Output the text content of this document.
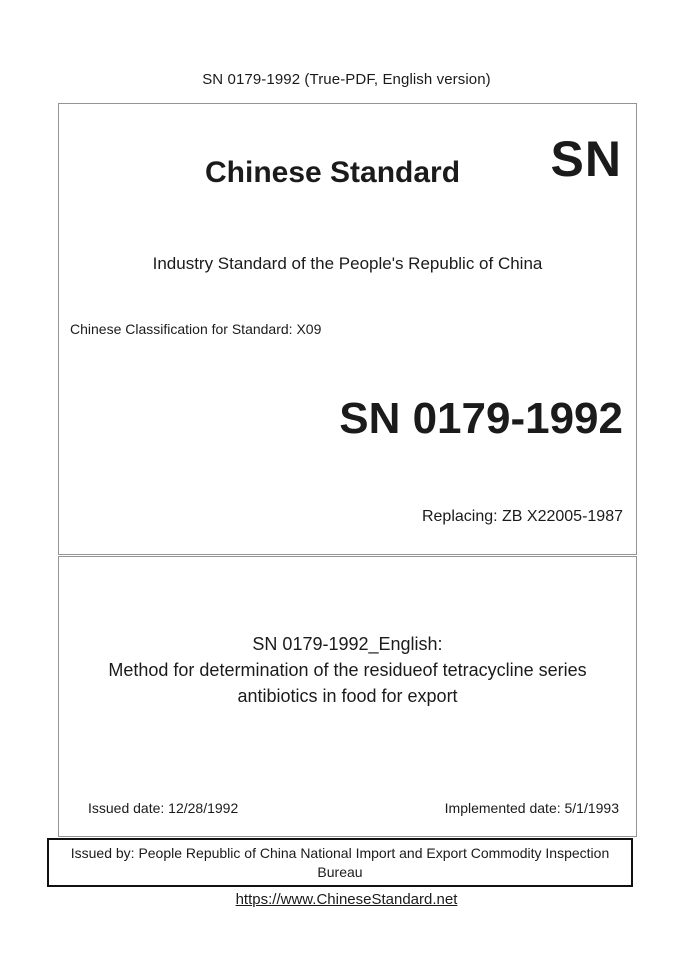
SN 0179-1992 (True-PDF, English version)
Chinese Standard SN
Industry Standard of the People's Republic of China
Chinese Classification for Standard: X09
SN 0179-1992
Replacing: ZB X22005-1987
SN 0179-1992_English:
Method for determination of the residueof tetracycline series
antibiotics in food for export
Issued date: 12/28/1992	Implemented date: 5/1/1993
Issued by: People Republic of China National Import and Export Commodity Inspection
Bureau
https://www.ChineseStandard.net
